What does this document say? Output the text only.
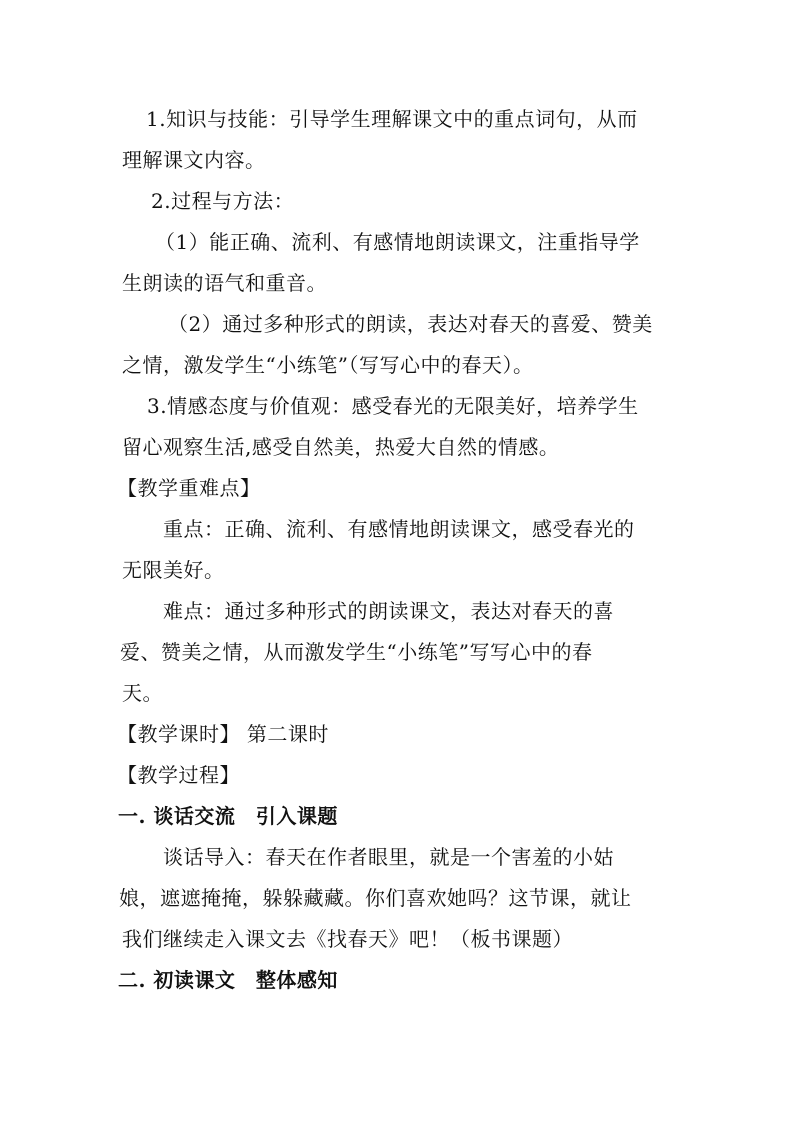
1.知识与技能：引导学生理解课文中的重点词句，从而
理解课文内容。
2.过程与方法：
（1）能正确、流利、有感情地朗读课文，注重指导学
生朗读的语气和重音。
（2）通过多种形式的朗读，表达对春天的喜爱、赞美
之情，激发学生“小练笔”（写写心中的春天）。
3.情感态度与价值观：感受春光的无限美好，培养学生
留心观察生活,感受自然美，热爱大自然的情感。
【教学重难点】
重点：正确、流利、有感情地朗读课文，感受春光的
无限美好。
难点：通过多种形式的朗读课文，表达对春天的喜
爱、赞美之情，从而激发学生“小练笔”写写心中的春
天。
【教学课时】 第二课时
【教学过程】
一. 谈话交流　引入课题
谈话导入：春天在作者眼里，就是一个害羞的小姑
娘，遮遮掩掩，躲躲藏藏。你们喜欢她吗？这节课，就让
我们继续走入课文去《找春天》吧！（板书课题）
二. 初读课文　整体感知
